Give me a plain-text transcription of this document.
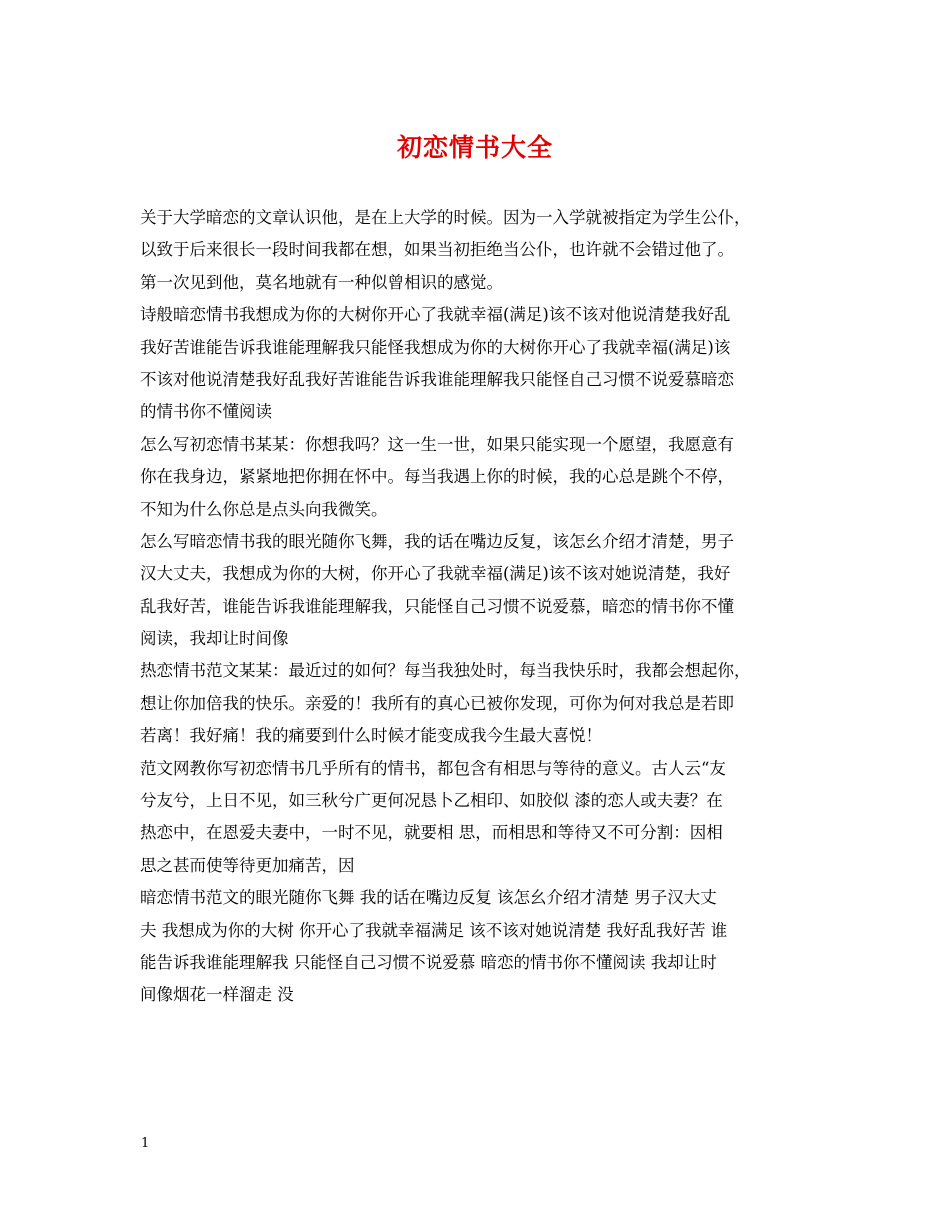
初恋情书大全
关于大学暗恋的文章认识他，是在上大学的时候。因为一入学就被指定为学生公仆，
以致于后来很长一段时间我都在想，如果当初拒绝当公仆，也许就不会错过他了。
第一次见到他，莫名地就有一种似曾相识的感觉。
诗般暗恋情书我想成为你的大树你开心了我就幸福(满足)该不该对他说清楚我好乱
我好苦谁能告诉我谁能理解我只能怪我想成为你的大树你开心了我就幸福(满足)该
不该对他说清楚我好乱我好苦谁能告诉我谁能理解我只能怪自己习惯不说爱慕暗恋
的情书你不懂阅读
怎么写初恋情书某某：你想我吗？这一生一世，如果只能实现一个愿望，我愿意有
你在我身边，紧紧地把你拥在怀中。每当我遇上你的时候，我的心总是跳个不停，
不知为什么你总是点头向我微笑。
怎么写暗恋情书我的眼光随你飞舞，我的话在嘴边反复，该怎幺介绍才清楚，男子
汉大丈夫，我想成为你的大树，你开心了我就幸福(满足)该不该对她说清楚，我好
乱我好苦，谁能告诉我谁能理解我，只能怪自己习惯不说爱慕，暗恋的情书你不懂
阅读，我却让时间像
热恋情书范文某某：最近过的如何？每当我独处时，每当我快乐时，我都会想起你，
想让你加倍我的快乐。亲爱的！我所有的真心已被你发现，可你为何对我总是若即
若离！我好痛！我的痛要到什么时候才能变成我今生最大喜悦！
范文网教你写初恋情书几乎所有的情书，都包含有相思与等待的意义。古人云“友
兮友兮，上日不见，如三秋兮广更何况恳卜乙相印、如胶似 漆的恋人或夫妻？在
热恋中，在恩爱夫妻中，一时不见，就要相 思，而相思和等待又不可分割：因相
思之甚而使等待更加痛苦，因
暗恋情书范文的眼光随你飞舞 我的话在嘴边反复 该怎幺介绍才清楚 男子汉大丈
夫 我想成为你的大树 你开心了我就幸福满足 该不该对她说清楚 我好乱我好苦 谁
能告诉我谁能理解我 只能怪自己习惯不说爱慕 暗恋的情书你不懂阅读 我却让时
间像烟花一样溜走 没
1
